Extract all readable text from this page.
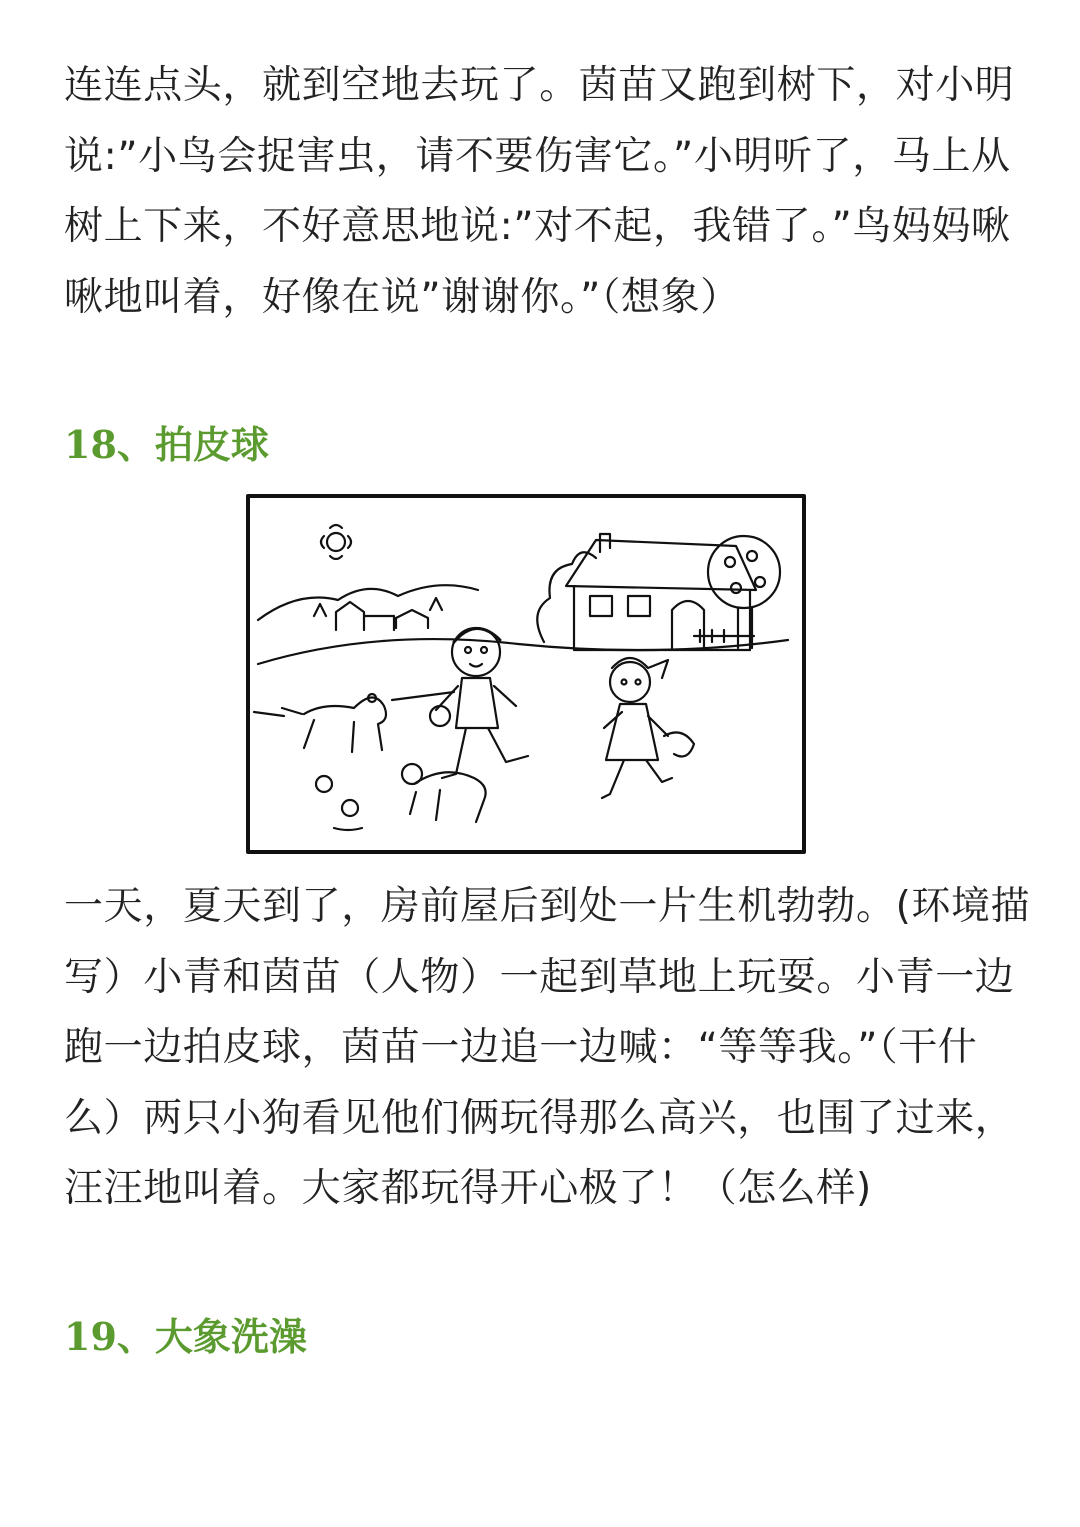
连连点头，就到空地去玩了。茵苗又跑到树下，对小明
说:”小鸟会捉害虫，请不要伤害它。”小明听了，马上从
树上下来，不好意思地说:”对不起，我错了。”鸟妈妈啾
啾地叫着，好像在说”谢谢你。”（想象）

18、拍皮球

一天，夏天到了，房前屋后到处一片生机勃勃。(环境描
写）小青和茵苗（人物）一起到草地上玩耍。小青一边
跑一边拍皮球，茵苗一边追一边喊：“等等我。”（干什
么）两只小狗看见他们俩玩得那么高兴，也围了过来，
汪汪地叫着。大家都玩得开心极了！（怎么样)

19、大象洗澡
